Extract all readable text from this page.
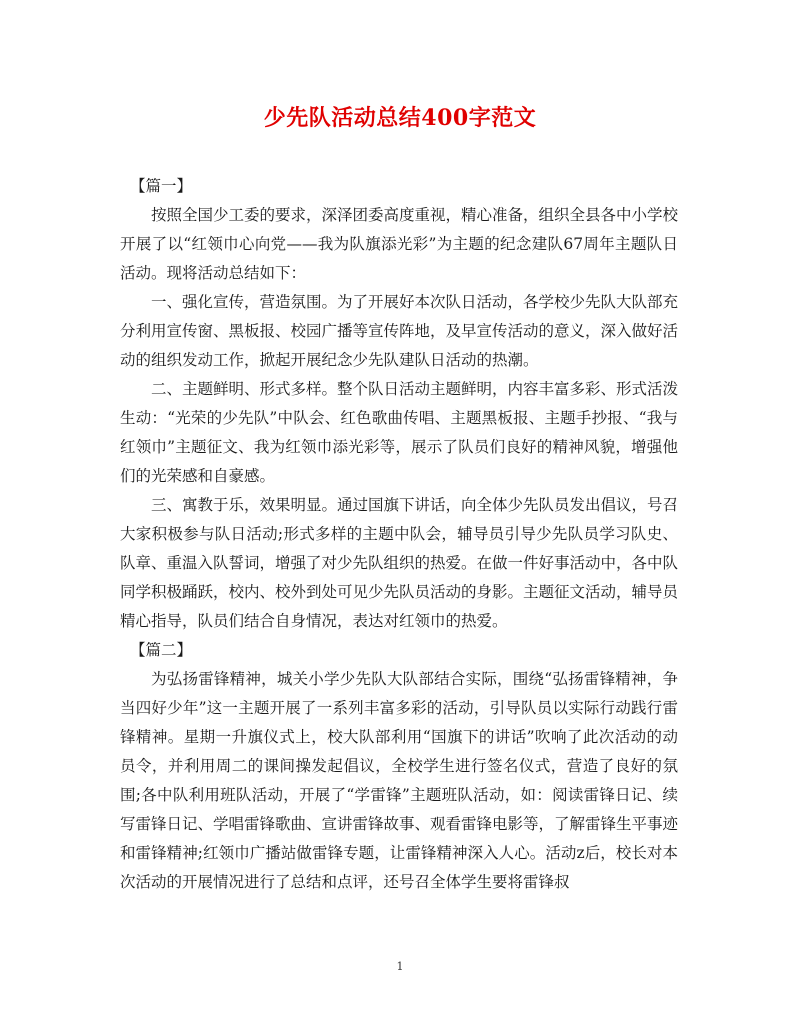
少先队活动总结400字范文

【篇一】

按照全国少工委的要求，深泽团委高度重视，精心准备，组织全县各中小学校开展了以“红领巾心向党——我为队旗添光彩”为主题的纪念建队67周年主题队日活动。现将活动总结如下：

一、强化宣传，营造氛围。为了开展好本次队日活动，各学校少先队大队部充分利用宣传窗、黑板报、校园广播等宣传阵地，及早宣传活动的意义，深入做好活动的组织发动工作，掀起开展纪念少先队建队日活动的热潮。

二、主题鲜明、形式多样。整个队日活动主题鲜明，内容丰富多彩、形式活泼生动：“光荣的少先队”中队会、红色歌曲传唱、主题黑板报、主题手抄报、“我与红领巾”主题征文、我为红领巾添光彩等，展示了队员们良好的精神风貌，增强他们的光荣感和自豪感。

三、寓教于乐，效果明显。通过国旗下讲话，向全体少先队员发出倡议，号召大家积极参与队日活动;形式多样的主题中队会，辅导员引导少先队员学习队史、队章、重温入队誓词，增强了对少先队组织的热爱。在做一件好事活动中，各中队同学积极踊跃，校内、校外到处可见少先队员活动的身影。主题征文活动，辅导员精心指导，队员们结合自身情况，表达对红领巾的热爱。

【篇二】

为弘扬雷锋精神，城关小学少先队大队部结合实际，围绕“弘扬雷锋精神，争当四好少年”这一主题开展了一系列丰富多彩的活动，引导队员以实际行动践行雷锋精神。星期一升旗仪式上，校大队部利用“国旗下的讲话”吹响了此次活动的动员令，并利用周二的课间操发起倡议，全校学生进行签名仪式，营造了良好的氛围;各中队利用班队活动，开展了“学雷锋”主题班队活动，如：阅读雷锋日记、续写雷锋日记、学唱雷锋歌曲、宣讲雷锋故事、观看雷锋电影等，了解雷锋生平事迹和雷锋精神;红领巾广播站做雷锋专题，让雷锋精神深入人心。活动z后，校长对本次活动的开展情况进行了总结和点评，还号召全体学生要将雷锋叔

1
